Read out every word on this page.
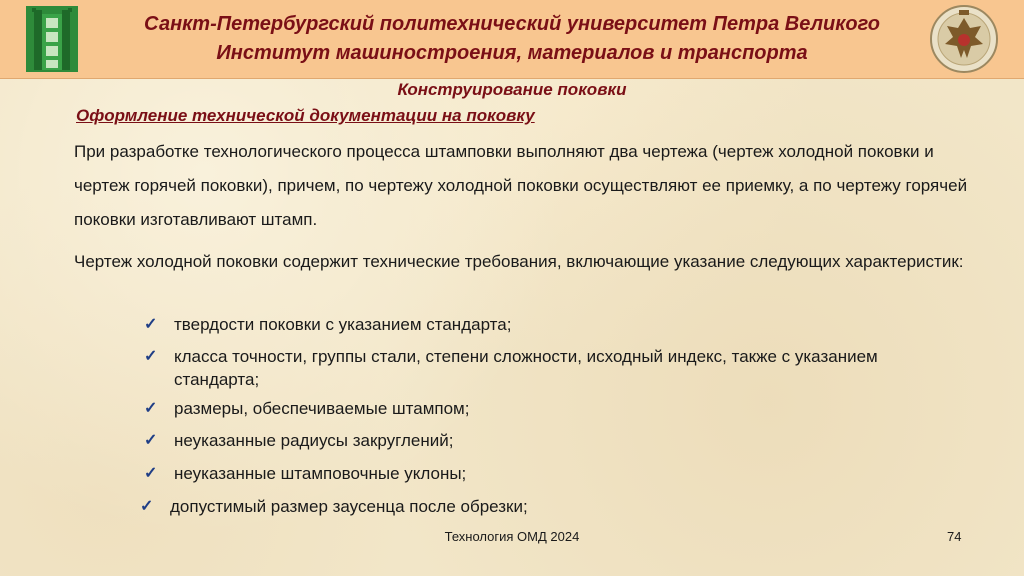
Санкт-Петербургский политехнический университет Петра Великого
Институт машиностроения, материалов и транспорта
Конструирование поковки
Оформление технической документации на поковку
При разработке технологического процесса штамповки выполняют два чертежа (чертеж холодной поковки и чертеж горячей поковки), причем, по чертежу холодной поковки осуществляют ее приемку, а по чертежу горячей поковки изготавливают штамп.
Чертеж холодной поковки содержит технические требования, включающие указание следующих характеристик:
✓ твердости поковки с указанием стандарта;
✓ класса точности, группы стали, степени сложности, исходный индекс, также с указанием стандарта;
✓ размеры, обеспечиваемые штампом;
✓ неуказанные радиусы закруглений;
✓ неуказанные штамповочные уклоны;
✓ допустимый размер заусенца после обрезки;
Технология ОМД 2024	74
